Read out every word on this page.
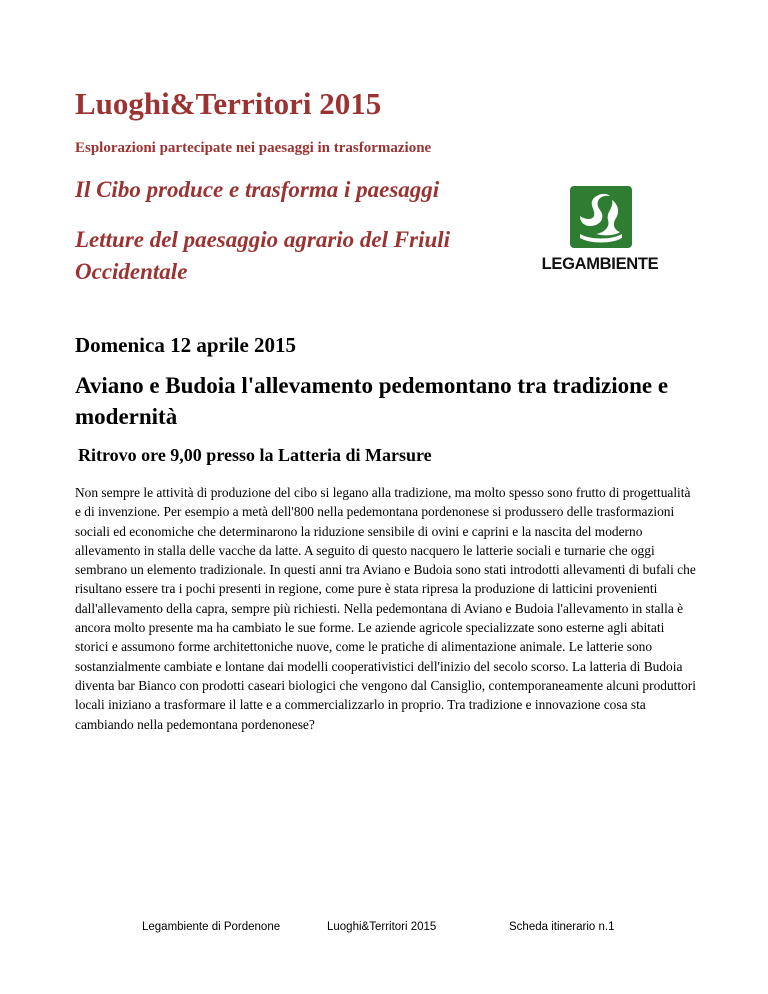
Luoghi&Territori 2015
Esplorazioni partecipate nei paesaggi in trasformazione
Il Cibo produce e trasforma i paesaggi
Letture del paesaggio agrario del Friuli Occidentale	LEGAMBIENTE
Domenica 12 aprile 2015
Aviano e Budoia l'allevamento pedemontano tra tradizione e modernità
Ritrovo ore 9,00 presso la Latteria di Marsure
Non sempre le attività di produzione del cibo si legano alla tradizione, ma molto spesso sono frutto di progettualità e di invenzione. Per esempio a metà dell'800 nella pedemontana pordenonese si produssero delle trasformazioni sociali ed economiche che determinarono la riduzione sensibile di ovini e caprini e la nascita del moderno allevamento in stalla delle vacche da latte. A seguito di questo nacquero le latterie sociali e turnarie che oggi sembrano un elemento tradizionale. In questi anni tra Aviano e Budoia sono stati introdotti allevamenti di bufali che risultano essere tra i pochi presenti in regione, come pure è stata ripresa la produzione di latticini provenienti dall'allevamento della capra, sempre più richiesti. Nella pedemontana di Aviano e Budoia l'allevamento in stalla è ancora molto presente ma ha cambiato le sue forme. Le aziende agricole specializzate sono esterne agli abitati storici e assumono forme architettoniche nuove, come le pratiche di alimentazione animale. Le latterie sono sostanzialmente cambiate e lontane dai modelli cooperativistici dell'inizio del secolo scorso. La latteria di Budoia diventa bar Bianco con prodotti caseari biologici che vengono dal Cansiglio, contemporaneamente alcuni produttori locali iniziano a trasformare il latte e a commercializzarlo in proprio. Tra tradizione e innovazione cosa sta cambiando nella pedemontana pordenonese?
Legambiente di Pordenone	Luoghi&Territori 2015	Scheda itinerario n.1
